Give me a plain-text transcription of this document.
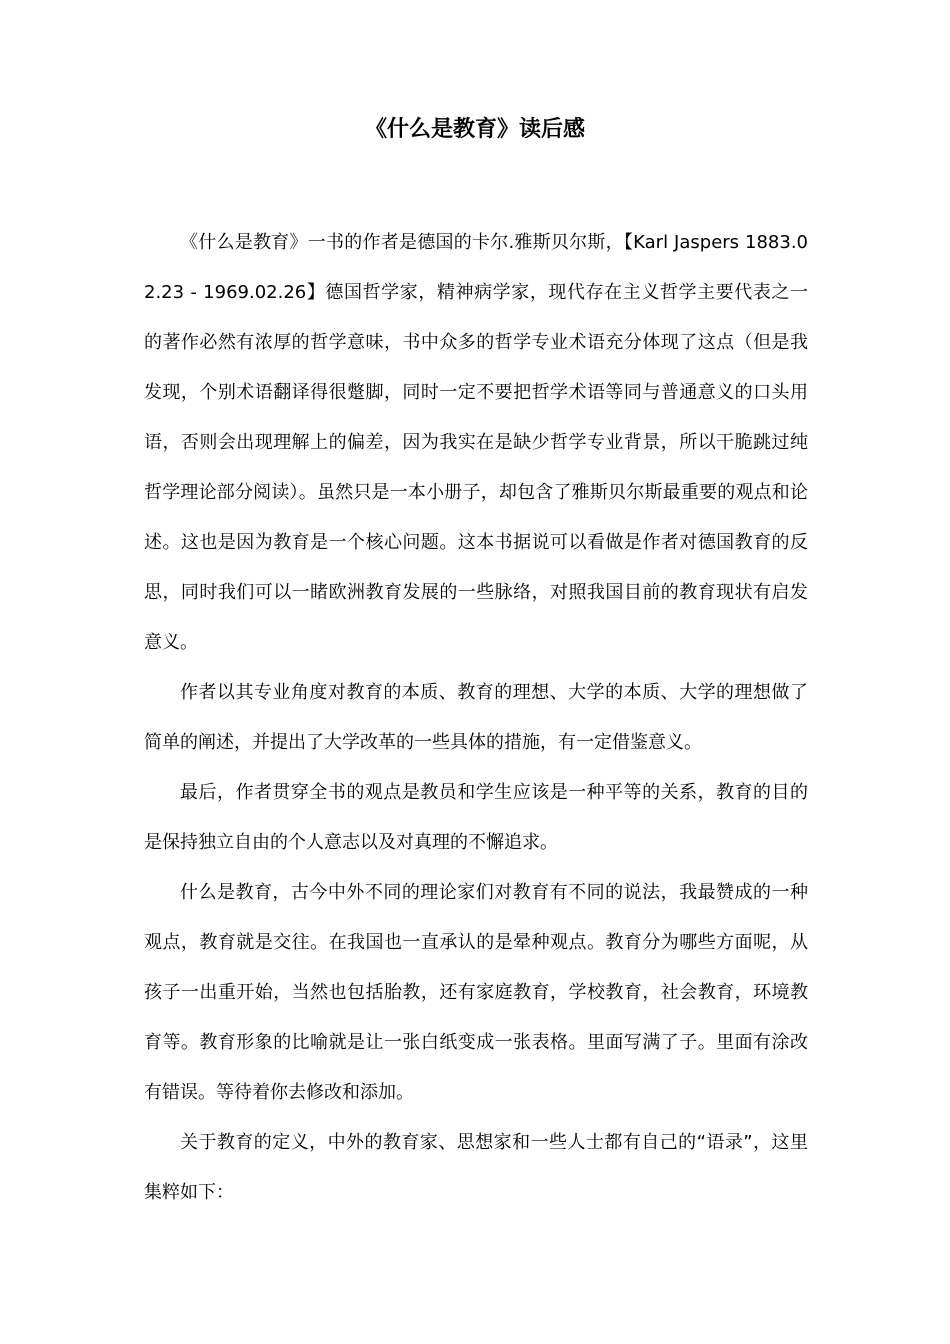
《什么是教育》读后感

《什么是教育》一书的作者是德国的卡尔.雅斯贝尔斯，【Karl Jaspers 1883.02.23 - 1969.02.26】德国哲学家，精神病学家，现代存在主义哲学主要代表之一的著作必然有浓厚的哲学意味，书中众多的哲学专业术语充分体现了这点（但是我发现，个别术语翻译得很蹩脚，同时一定不要把哲学术语等同与普通意义的口头用语，否则会出现理解上的偏差，因为我实在是缺少哲学专业背景，所以干脆跳过纯哲学理论部分阅读）。虽然只是一本小册子，却包含了雅斯贝尔斯最重要的观点和论述。这也是因为教育是一个核心问题。这本书据说可以看做是作者对德国教育的反思，同时我们可以一睹欧洲教育发展的一些脉络，对照我国目前的教育现状有启发意义。

作者以其专业角度对教育的本质、教育的理想、大学的本质、大学的理想做了简单的阐述，并提出了大学改革的一些具体的措施，有一定借鉴意义。

最后，作者贯穿全书的观点是教员和学生应该是一种平等的关系，教育的目的是保持独立自由的个人意志以及对真理的不懈追求。

什么是教育，古今中外不同的理论家们对教育有不同的说法，我最赞成的一种观点，教育就是交往。在我国也一直承认的是晕种观点。教育分为哪些方面呢，从孩子一出重开始，当然也包括胎教，还有家庭教育，学校教育，社会教育，环境教育等。教育形象的比喻就是让一张白纸变成一张表格。里面写满了子。里面有涂改有错误。等待着你去修改和添加。

关于教育的定义，中外的教育家、思想家和一些人士都有自己的“语录”，这里集粹如下：
